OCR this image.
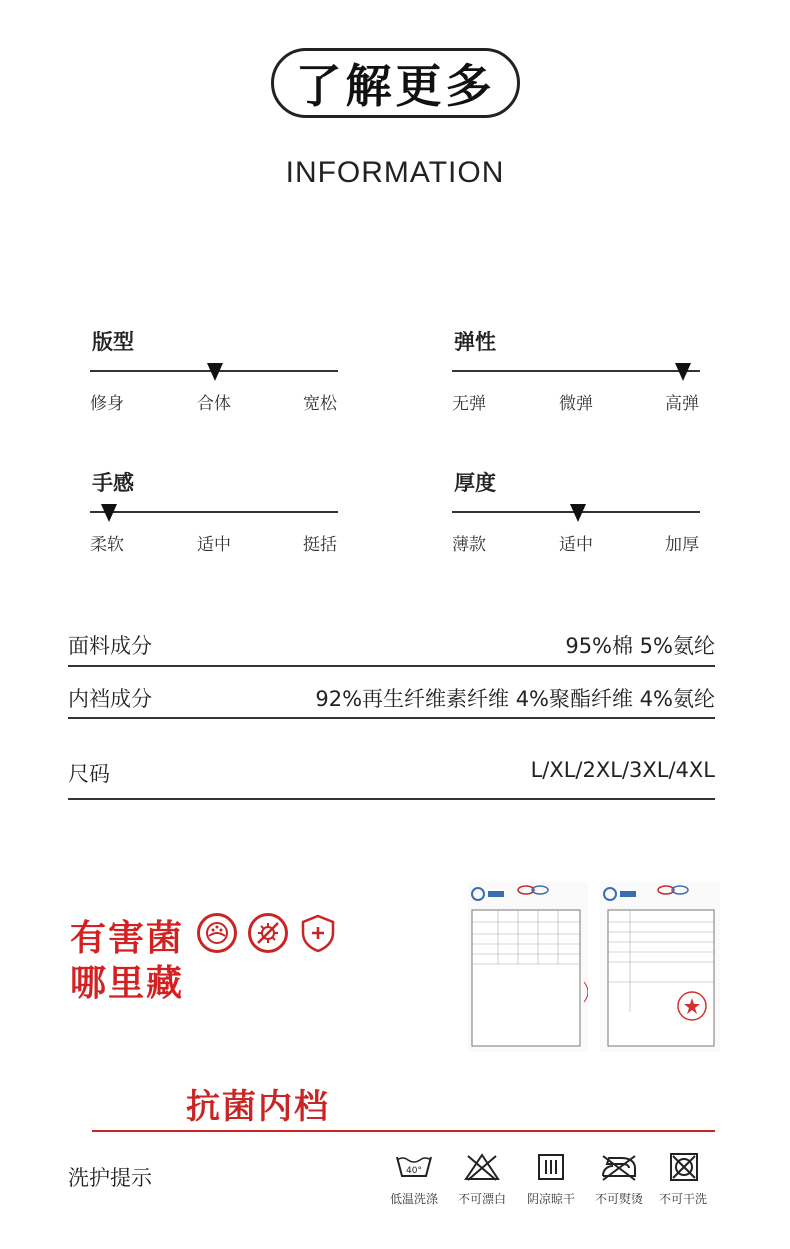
了解更多
INFORMATION
版型
修身	合体	宽松
弹性
无弹	微弹	高弹
手感
柔软	适中	挺括
厚度
薄款	适中	加厚
面料成分	95%棉 5%氨纶
内裆成分	92%再生纤维素纤维 4%聚酯纤维 4%氨纶
尺码	L/XL/2XL/3XL/4XL
有害菌
哪里藏
抗菌内档
洗护提示	40°
低温洗涤	不可漂白	阴凉晾干	不可熨烫	不可干洗
